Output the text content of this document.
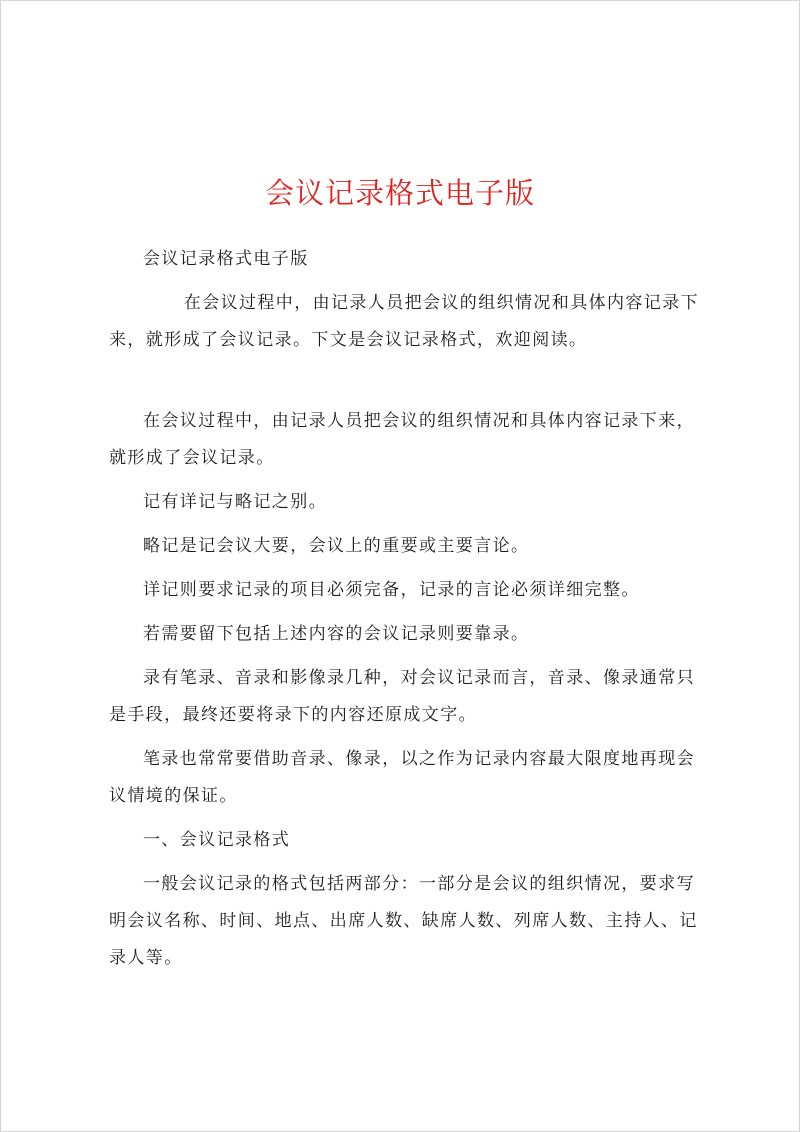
会议记录格式电子版

会议记录格式电子版

在会议过程中，由记录人员把会议的组织情况和具体内容记录下来，就形成了会议记录。下文是会议记录格式，欢迎阅读。

在会议过程中，由记录人员把会议的组织情况和具体内容记录下来，就形成了会议记录。

记有详记与略记之别。

略记是记会议大要，会议上的重要或主要言论。

详记则要求记录的项目必须完备，记录的言论必须详细完整。

若需要留下包括上述内容的会议记录则要靠录。

录有笔录、音录和影像录几种，对会议记录而言，音录、像录通常只是手段，最终还要将录下的内容还原成文字。

笔录也常常要借助音录、像录，以之作为记录内容最大限度地再现会议情境的保证。

一、会议记录格式

一般会议记录的格式包括两部分：一部分是会议的组织情况，要求写明会议名称、时间、地点、出席人数、缺席人数、列席人数、主持人、记录人等。
